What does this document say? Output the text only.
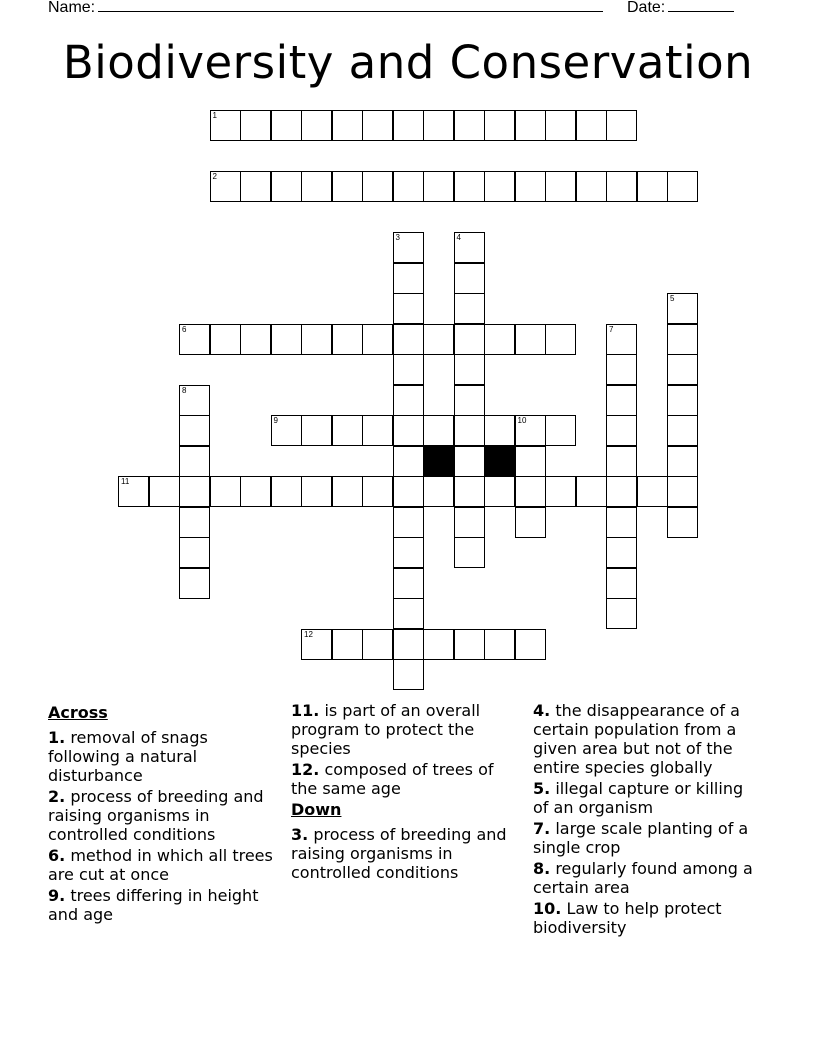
Name:	Date:
Biodiversity and Conservation
1
2
3	4
5
6	7
8
9	10
11
12
Across
1. removal of snags following a natural disturbance
2. process of breeding and raising organisms in controlled conditions
6. method in which all trees are cut at once
9. trees differing in height and age
11. is part of an overall program to protect the species
12. composed of trees of the same age
Down
3. process of breeding and raising organisms in controlled conditions
4. the disappearance of a certain population from a given area but not of the entire species globally
5. illegal capture or killing of an organism
7. large scale planting of a single crop
8. regularly found among a certain area
10. Law to help protect biodiversity
